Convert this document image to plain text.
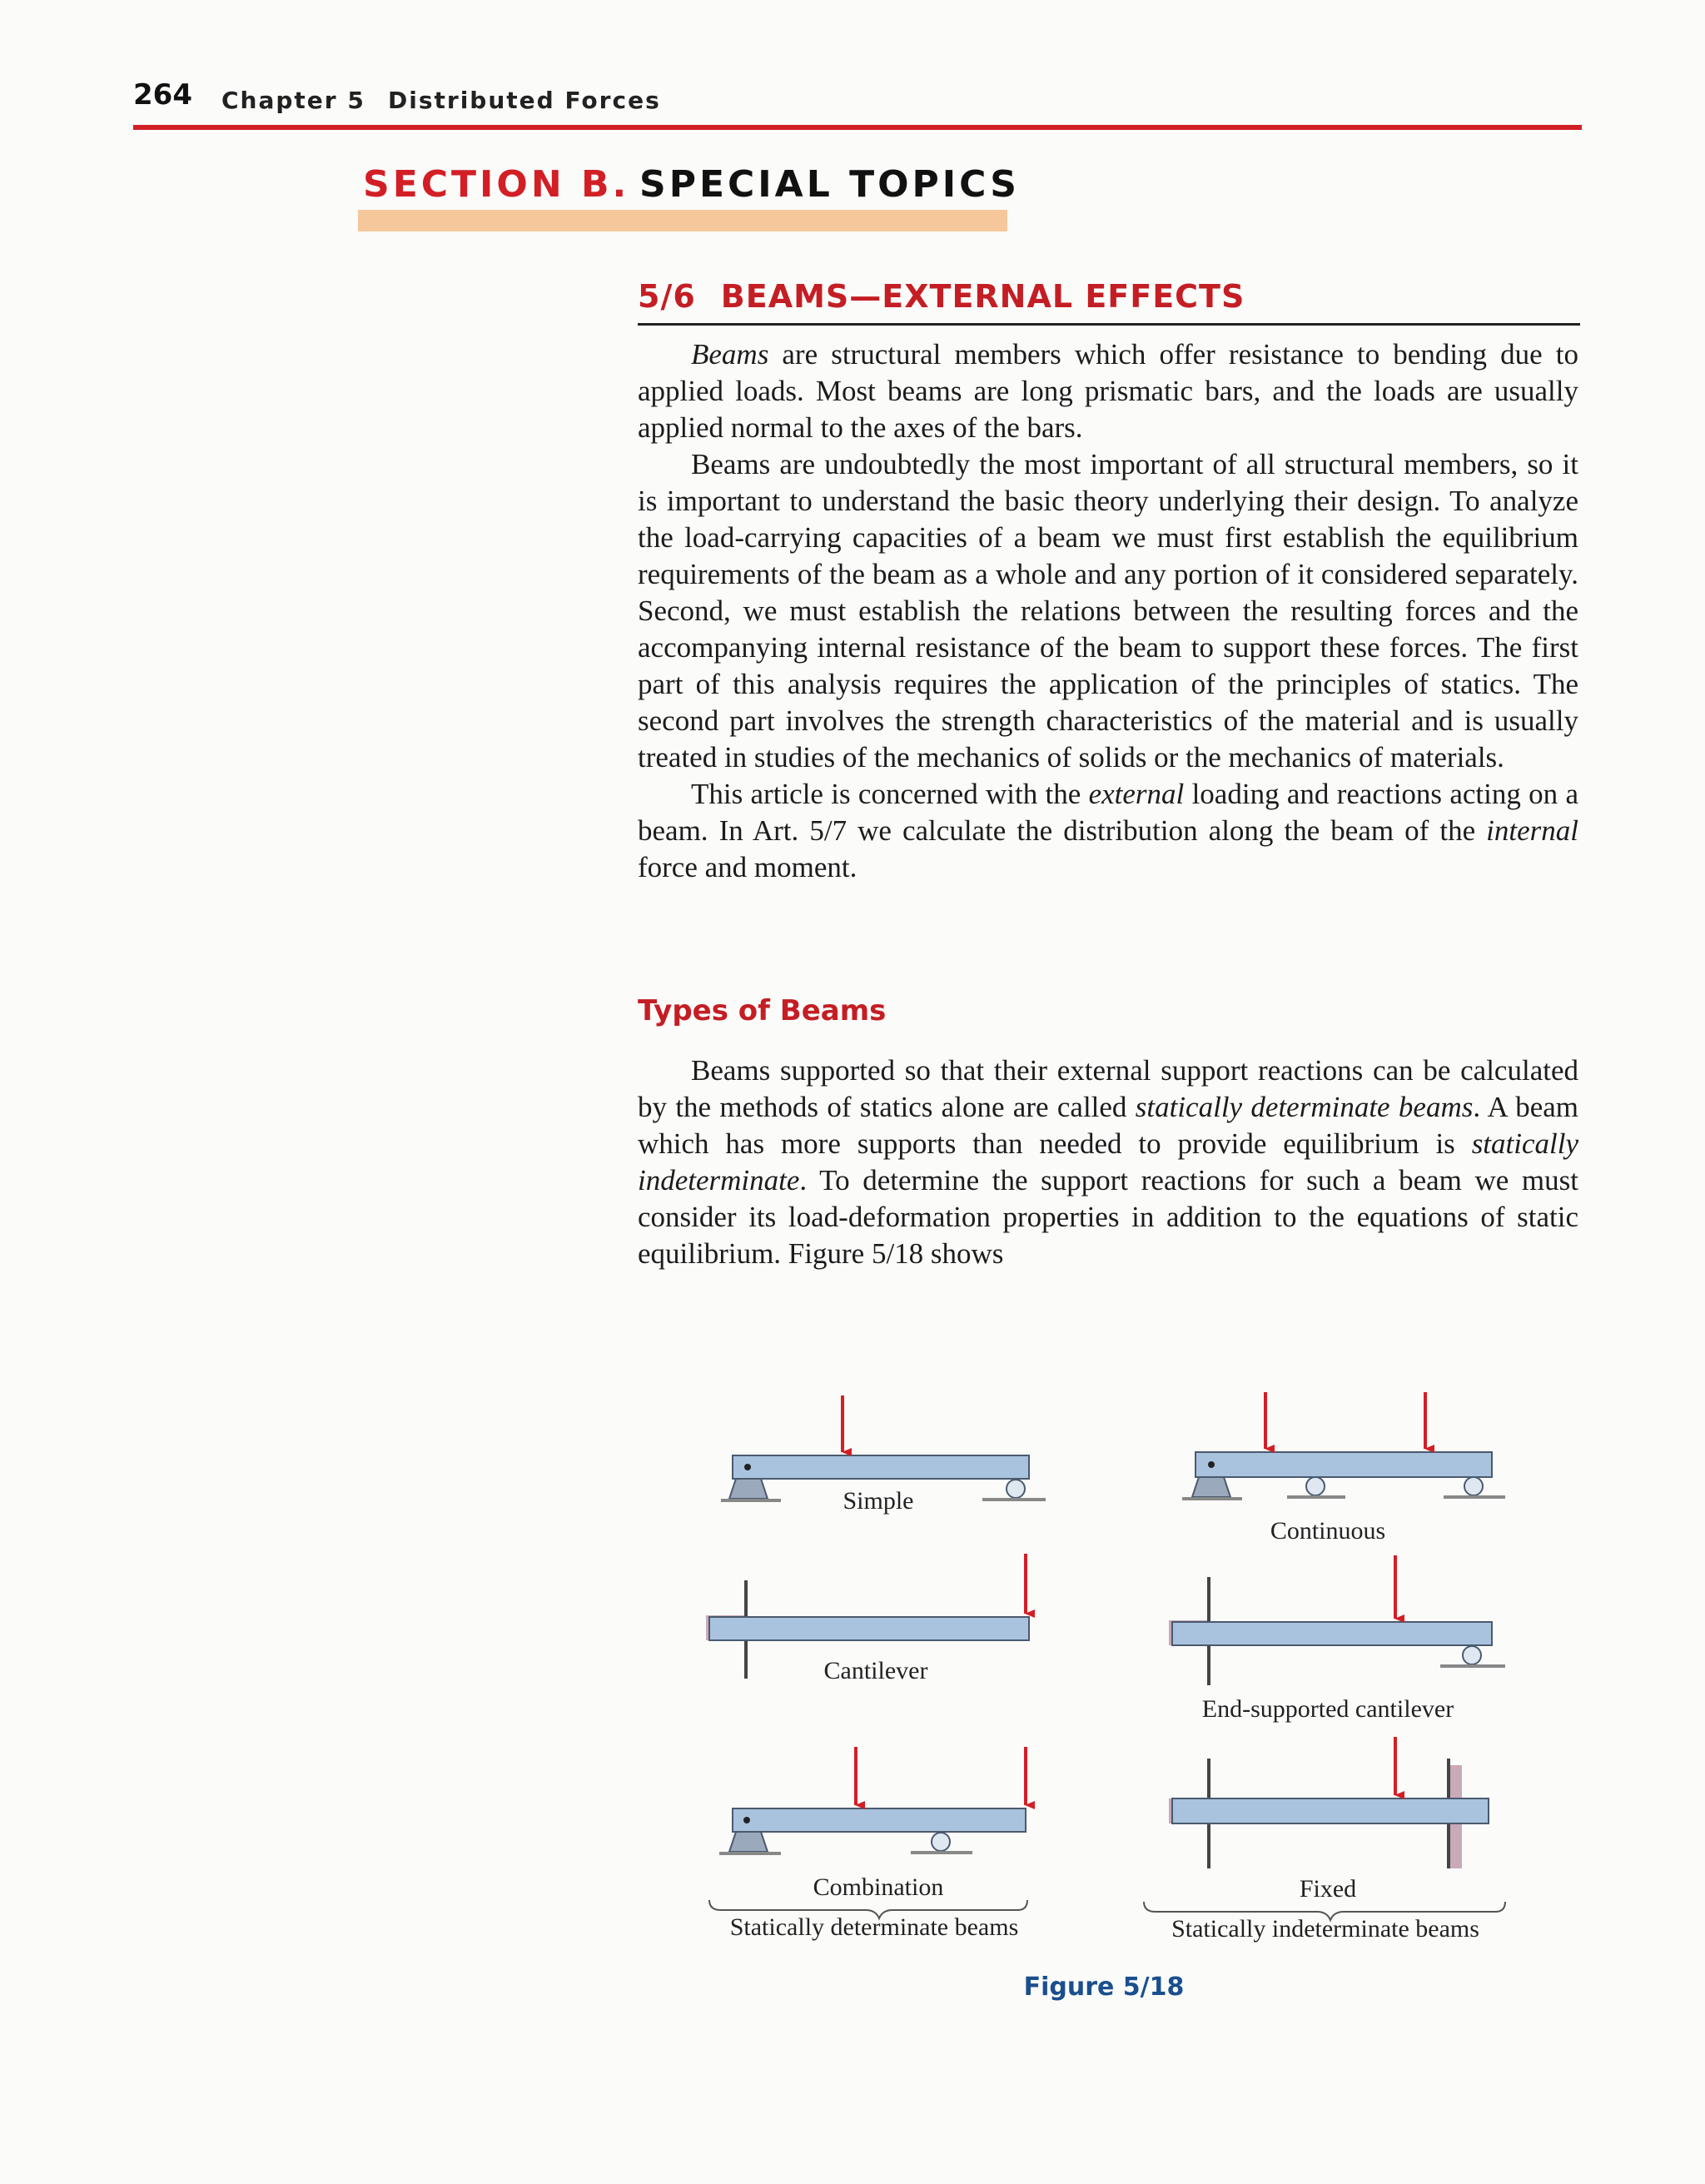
264 Chapter 5 Distributed Forces
SECTION B. SPECIAL TOPICS
5/6 BEAMS—EXTERNAL EFFECTS

Beams are structural members which offer resistance to bending due to applied loads. Most beams are long prismatic bars, and the loads are usually applied normal to the axes of the bars.

Beams are undoubtedly the most important of all structural members, so it is important to understand the basic theory underlying their design. To analyze the load-carrying capacities of a beam we must first establish the equilibrium requirements of the beam as a whole and any portion of it considered separately. Second, we must establish the relations between the resulting forces and the accompanying internal resistance of the beam to support these forces. The first part of this analysis requires the application of the principles of statics. The second part involves the strength characteristics of the material and is usually treated in studies of the mechanics of solids or the mechanics of materials.

This article is concerned with the external loading and reactions acting on a beam. In Art. 5/7 we calculate the distribution along the beam of the internal force and moment.

Types of Beams

Beams supported so that their external support reactions can be calculated by the methods of statics alone are called statically determinate beams. A beam which has more supports than needed to provide equilibrium is statically indeterminate. To determine the support reactions for such a beam we must consider its load-deformation properties in addition to the equations of static equilibrium. Figure 5/18 shows

Simple
Continuous
Cantilever
End-supported cantilever
Combination	Fixed
Statically determinate beams	Statically indeterminate beams
Figure 5/18
